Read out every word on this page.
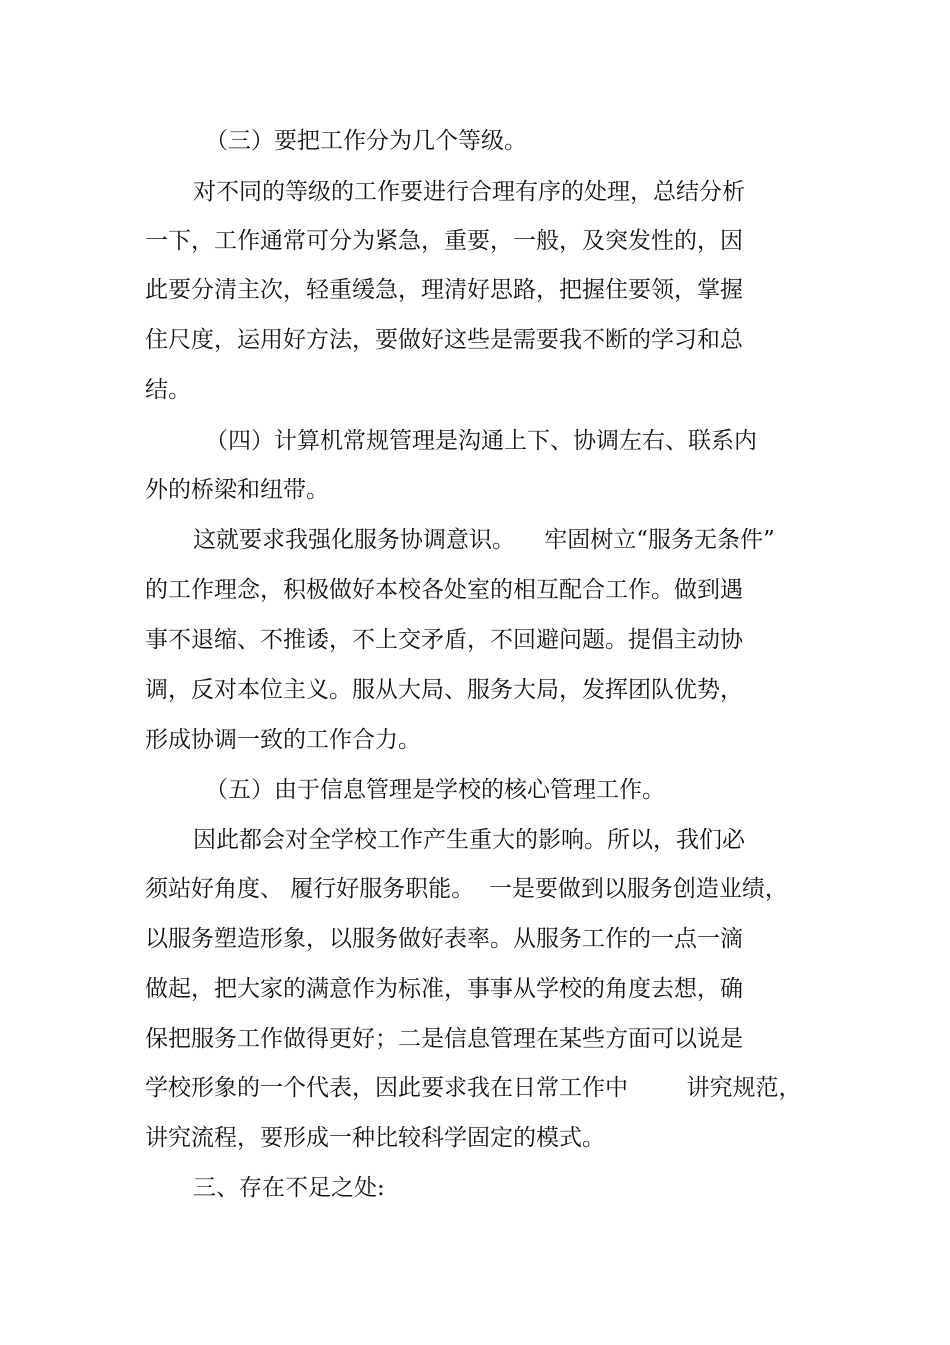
（三）要把工作分为几个等级。

对不同的等级的工作要进行合理有序的处理，总结分析

一下，工作通常可分为紧急，重要，一般，及突发性的，因

此要分清主次，轻重缓急，理清好思路，把握住要领，掌握

住尺度，运用好方法，要做好这些是需要我不断的学习和总

结。

（四）计算机常规管理是沟通上下、协调左右、联系内

外的桥梁和纽带。

这就要求我强化服务协调意识。    牢固树立“服务无条件”

的工作理念，积极做好本校各处室的相互配合工作。做到遇

事不退缩、不推诿，不上交矛盾，不回避问题。提倡主动协

调，反对本位主义。服从大局、服务大局，发挥团队优势，

形成协调一致的工作合力。

（五）由于信息管理是学校的核心管理工作。

因此都会对全学校工作产生重大的影响。所以，我们必

须站好角度、 履行好服务职能。  一是要做到以服务创造业绩，

以服务塑造形象，以服务做好表率。从服务工作的一点一滴

做起，把大家的满意作为标准，事事从学校的角度去想，确

保把服务工作做得更好；二是信息管理在某些方面可以说是

学校形象的一个代表，因此要求我在日常工作中        讲究规范，

讲究流程，要形成一种比较科学固定的模式。

三、存在不足之处:
